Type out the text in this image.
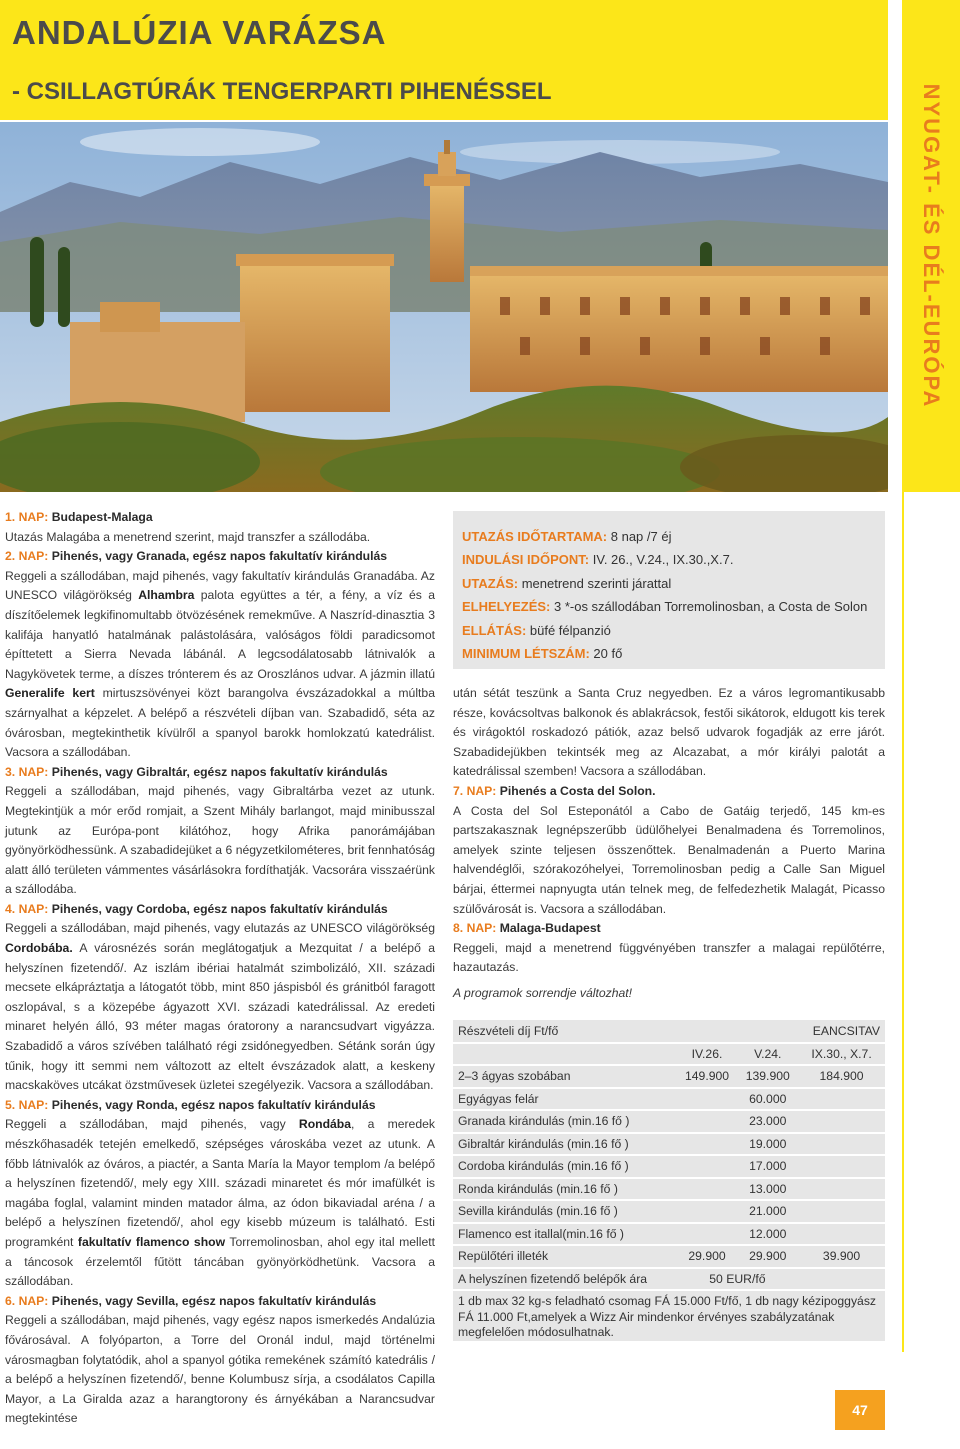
ANDALÚZIA VARÁZSA
- CSILLAGTÚRÁK TENGERPARTI PIHENÉSSEL	NYUGAT- ÉS DÉL-EURÓPA

1. NAP: Budapest-Malaga

Utazás Malagába a menetrend szerint, majd transzfer a szállodába.

2. NAP: Pihenés, vagy Granada, egész napos fakultatív kirándulás

Reggeli a szállodában, majd pihenés, vagy fakultatív kirándulás Granadába. Az UNESCO világörökség Alhambra palota együttes a tér, a fény, a víz és a díszítőelemek legkifinomultabb ötvözésének remekműve. A Naszríd-dinasztia 3 kalifája hanyatló hatalmának palástolására, valóságos földi paradicsomot építtetett a Sierra Nevada lábánál. A legcsodálatosabb látnivalók a Nagykövetek terme, a díszes trónterem és az Oroszlános udvar. A jázmin illatú Generalife kert mirtuszsövényei közt barangolva évszázadokkal a múltba szárnyalhat a képzelet. A belépő a részvételi díjban van. Szabadidő, séta az óvárosban, megtekinthetik kívülről a spanyol barokk homlokzatú katedrálist. Vacsora a szállodában.

3. NAP: Pihenés, vagy Gibraltár, egész napos fakultatív kirándulás

Reggeli a szállodában, majd pihenés, vagy Gibraltárba vezet az utunk. Megtekintjük a mór erőd romjait, a Szent Mihály barlangot, majd minibusszal jutunk az Európa-pont kilátóhoz, hogy Afrika panorámájában gyönyörködhessünk. A szabadidejüket a 6 négyzetkilométeres, brit fennhatóság alatt álló területen vámmentes vásárlásokra fordíthatják. Vacsorára visszaérünk a szállodába.

4. NAP: Pihenés, vagy Cordoba, egész napos fakultatív kirándulás

Reggeli a szállodában, majd pihenés, vagy elutazás az UNESCO világörökség Cordobába. A városnézés során meglátogatjuk a Mezquitat / a belépő a helyszínen fizetendő/. Az iszlám ibériai hatalmát szimbolizáló, XII. századi mecsete elkápráztatja a látogatót több, mint 850 jáspisból és gránitból faragott oszlopával, s a közepébe ágyazott XVI. századi katedrálissal. Az eredeti minaret helyén álló, 93 méter magas óratorony a narancsudvart vigyázza. Szabadidő a város szívében található régi zsidónegyedben. Sétánk során úgy tűnik, hogy itt semmi nem változott az eltelt évszázadok alatt, a keskeny macskaköves utcákat özstművesek üzletei szegélyezik. Vacsora a szállodában.

5. NAP: Pihenés, vagy Ronda, egész napos fakultatív kirándulás

Reggeli a szállodában, majd pihenés, vagy Rondába, a meredek mészkőhasadék tetején emelkedő, szépséges városkába vezet az utunk. A főbb látnivalók az óváros, a piactér, a Santa María la Mayor templom /a belépő a helyszínen fizetendő/, mely egy XIII. századi minaretet és mór imafülkét is magába foglal, valamint minden matador álma, az ódon bikaviadal aréna / a belépő a helyszínen fizetendő/, ahol egy kisebb múzeum is található. Esti programként fakultatív flamenco show Torremolinosban, ahol egy ital mellett a táncosok érzelemtől fűtött táncában gyönyörködhetünk. Vacsora a szállodában.

6. NAP: Pihenés, vagy Sevilla, egész napos fakultatív kirándulás

Reggeli a szállodában, majd pihenés, vagy egész napos ismerkedés Andalúzia fővárosával. A folyóparton, a Torre del Oronál indul, majd történelmi városmagban folytatódik, ahol a spanyol gótika remekének számító katedrális / a belépő a helyszínen fizetendő/, benne Kolumbusz sírja, a csodálatos Capilla Mayor, a La Giralda azaz a harangtorony és árnyékában a Narancsudvar megtekintése

UTAZÁS IDŐTARTAMA: 8 nap /7 éj
INDULÁSI IDŐPONT: IV. 26., V.24., IX.30.,X.7.
UTAZÁS: menetrend szerinti járattal
ELHELYEZÉS: 3 *-os szállodában Torremolinosban, a Costa de Solon
ELLÁTÁS: büfé félpanzió
MINIMUM LÉTSZÁM: 20 fő

után sétát teszünk a Santa Cruz negyedben. Ez a város legromantikusabb része, kovácsoltvas balkonok és ablakrácsok, festői sikátorok, eldugott kis terek és virágoktól roskadozó pátiók, azaz belső udvarok fogadják az erre járót. Szabadidejükben tekintsék meg az Alcazabat, a mór királyi palotát a katedrálissal szemben! Vacsora a szállodában.

7. NAP: Pihenés a Costa del Solon.

A Costa del Sol Esteponától a Cabo de Gatáig terjedő, 145 km-es partszakasznak legnépszerűbb üdülőhelyei Benalmadena és Torremolinos, amelyek szinte teljesen összenőttek. Benalmadenán a Puerto Marina halvendéglői, szórakozóhelyei, Torremolinosban pedig a Calle San Miguel bárjai, éttermei napnyugta után telnek meg, de felfedezhetik Malagát, Picasso szülővárosát is. Vacsora a szállodában.

8. NAP: Malaga-Budapest

Reggeli, majd a menetrend függvényében transzfer a malagai repülőtérre, hazautazás.

A programok sorrendje változhat!

Részvételi díj Ft/fő			EANCSITAV
	IV.26.	V.24.	IX.30., X.7.
2–3 ágyas szobában	149.900	139.900	184.900
Egyágyas felár		60.000	
Granada kirándulás (min.16 fő )		23.000	
Gibraltár kirándulás (min.16 fő )		19.000	
Cordoba kirándulás (min.16 fő )		17.000	
Ronda kirándulás (min.16 fő )		13.000	
Sevilla kirándulás (min.16 fő )		21.000	
Flamenco est itallal(min.16 fő )		12.000	
Repülőtéri illeték	29.900	29.900	39.900
A helyszínen fizetendő belépők ára	50 EUR/fő		
1 db max 32 kg-s feladható csomag FÁ 15.000 Ft/fő, 1 db nagy kézipoggyász FÁ 11.000 Ft,amelyek a Wizz Air mindenkor érvényes szabályzatának megfelelően módosulhatnak.			
47
